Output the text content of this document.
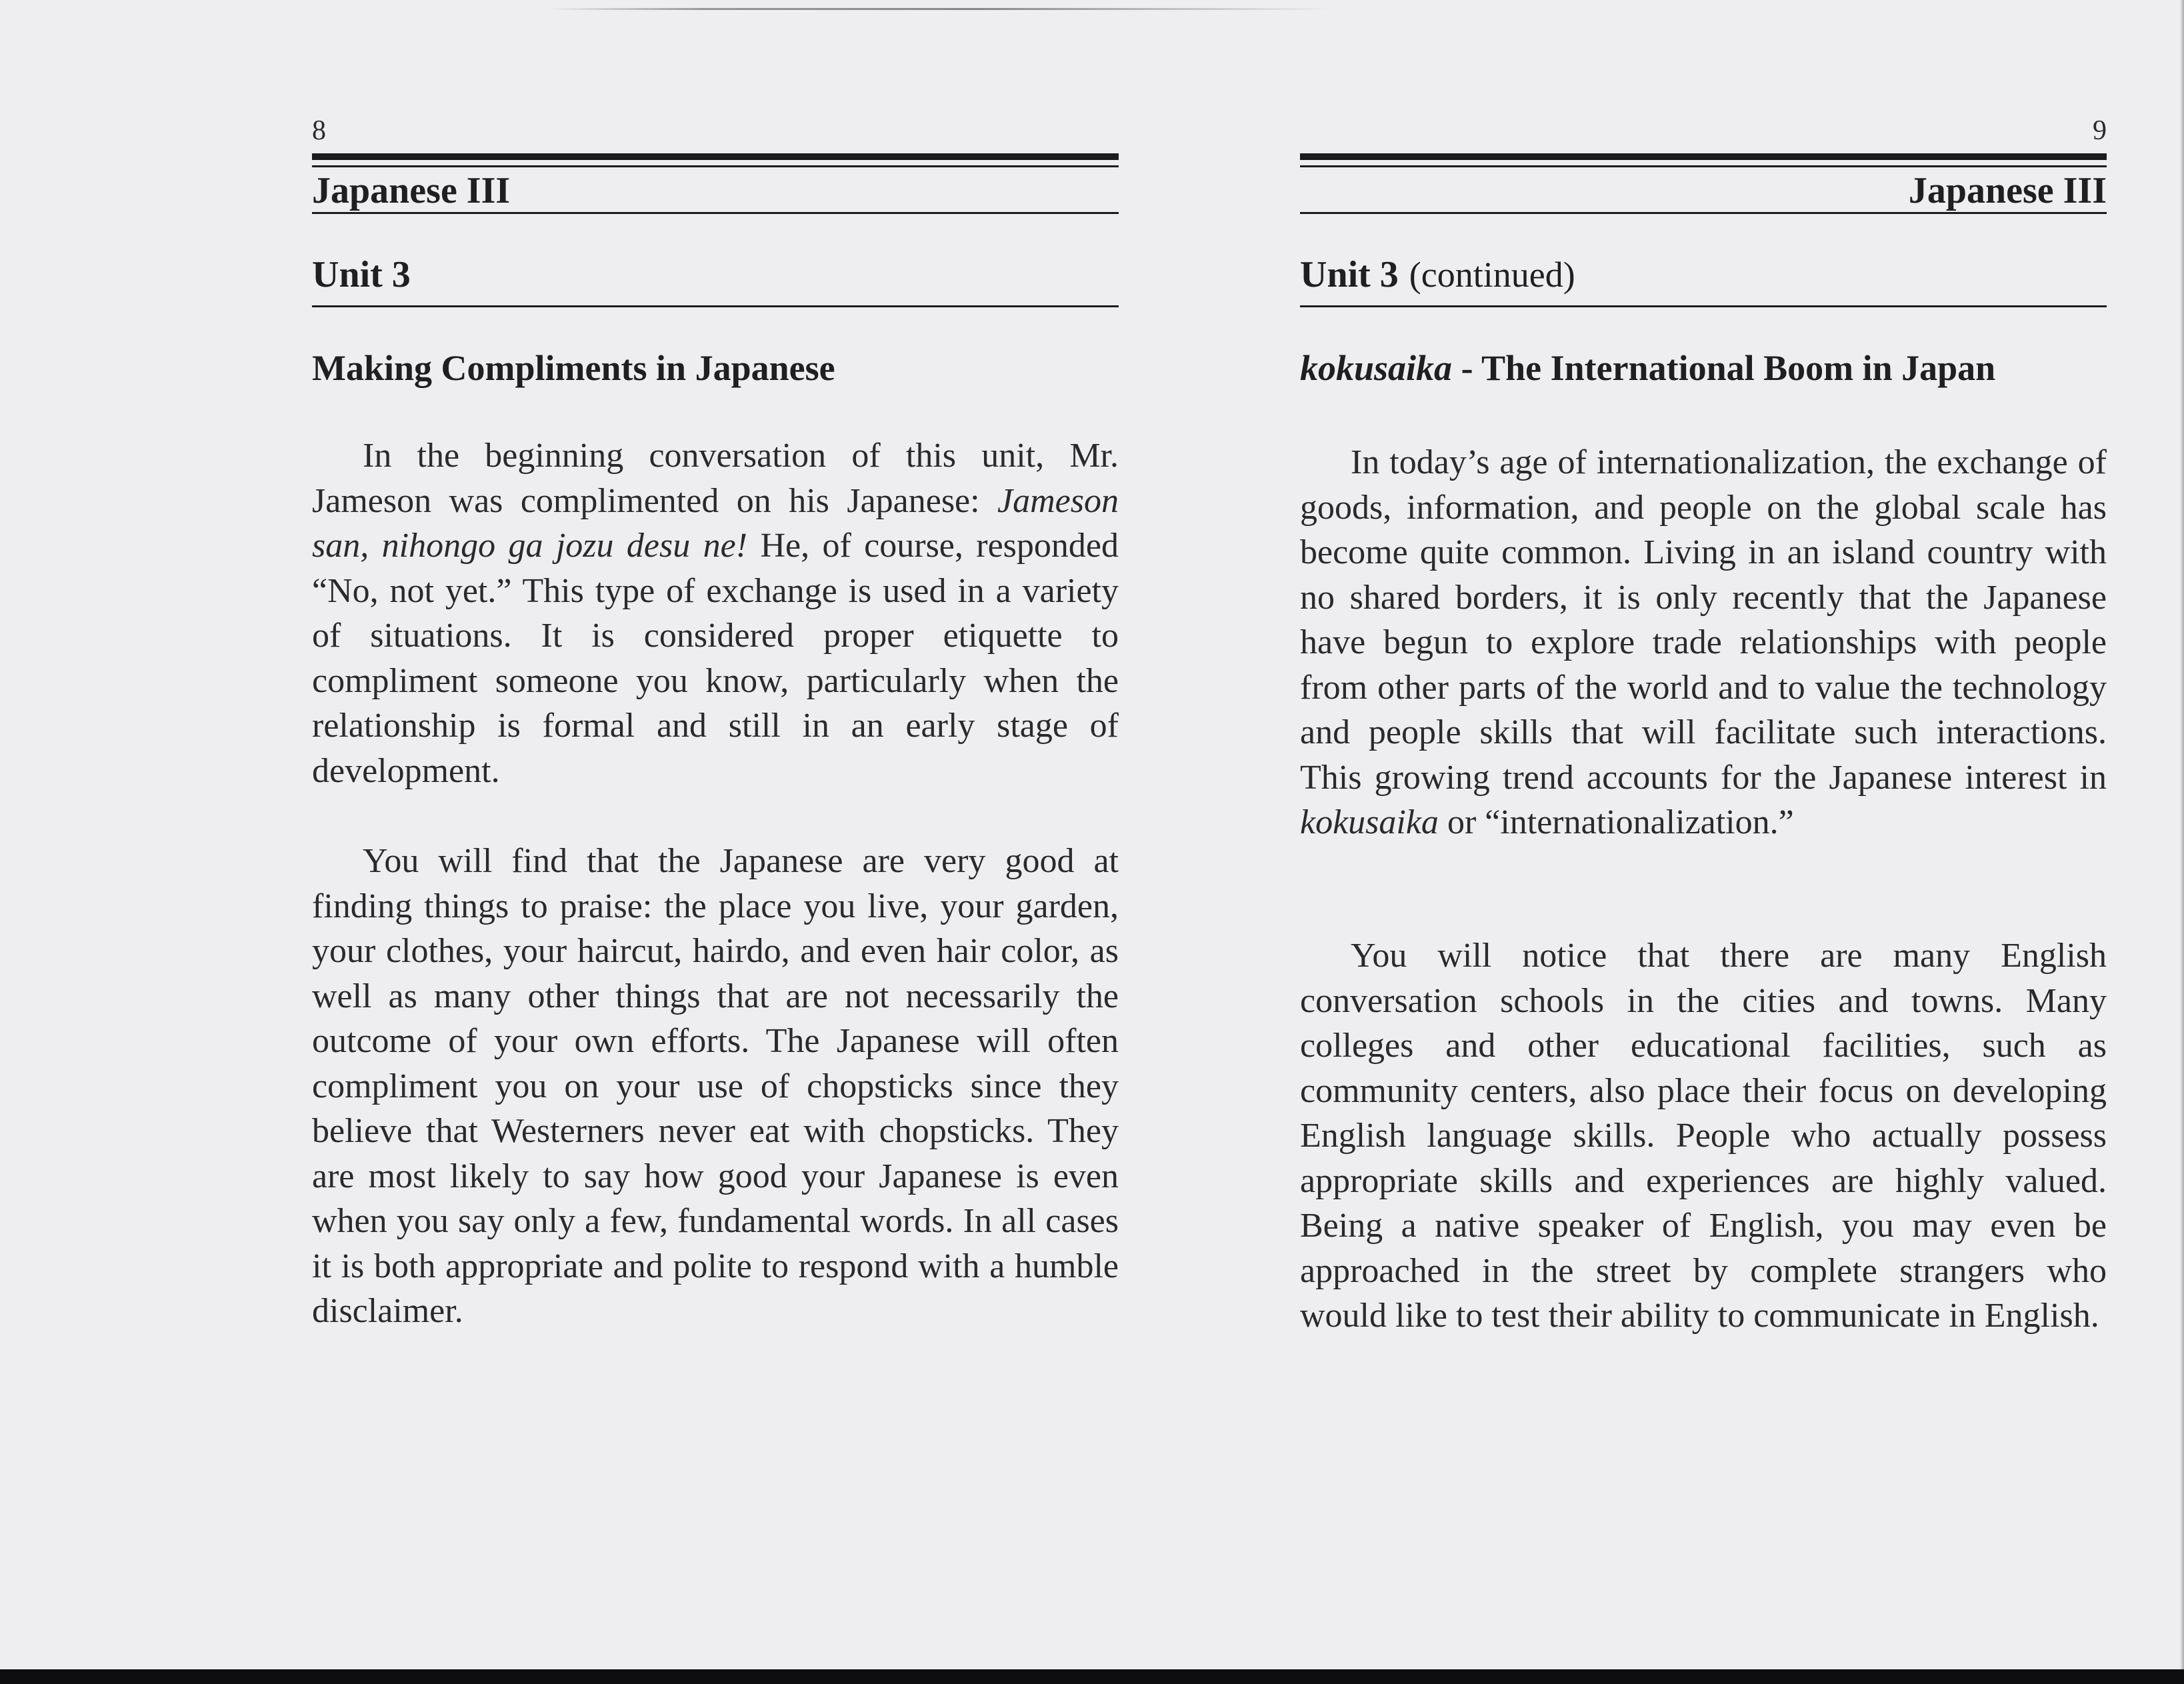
8
Japanese III
Unit 3
Making Compliments in Japanese

In the beginning conversation of this unit, Mr. Jameson was complimented on his Japanese: Jameson san, nihongo ga jozu desu ne! He, of course, responded “No, not yet.” This type of exchange is used in a variety of situations. It is considered proper etiquette to compliment someone you know, particularly when the relationship is formal and still in an early stage of development.

You will find that the Japanese are very good at finding things to praise: the place you live, your garden, your clothes, your haircut, hairdo, and even hair color, as well as many other things that are not necessarily the outcome of your own efforts. The Japanese will often compliment you on your use of chopsticks since they believe that Westerners never eat with chopsticks. They are most likely to say how good your Japanese is even when you say only a few, fundamental words. In all cases it is both appropriate and polite to respond with a humble disclaimer.

9
Japanese III
Unit 3 (continued)
kokusaika - The International Boom in Japan

In today’s age of internationalization, the exchange of goods, information, and people on the global scale has become quite common. Living in an island country with no shared borders, it is only recently that the Japanese have begun to explore trade relationships with people from other parts of the world and to value the technology and people skills that will facilitate such interactions. This growing trend accounts for the Japanese interest in kokusaika or “internationalization.”

You will notice that there are many English conversation schools in the cities and towns. Many colleges and other educational facilities, such as community centers, also place their focus on developing English language skills. People who actually possess appropriate skills and experiences are highly valued. Being a native speaker of English, you may even be approached in the street by complete strangers who would like to test their ability to communicate in English.
